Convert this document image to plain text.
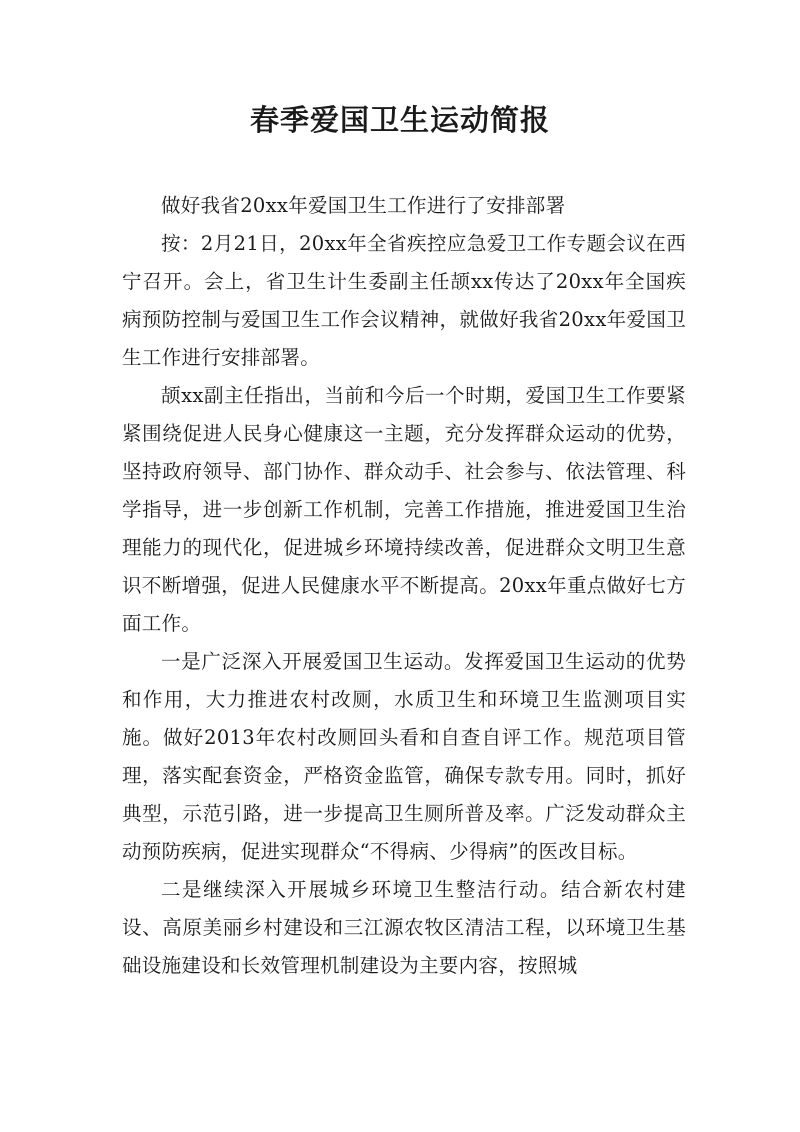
春季爱国卫生运动简报

做好我省20xx年爱国卫生工作进行了安排部署

按：2月21日，20xx年全省疾控应急爱卫工作专题会议在西宁召开。会上，省卫生计生委副主任颉xx传达了20xx年全国疾病预防控制与爱国卫生工作会议精神，就做好我省20xx年爱国卫生工作进行安排部署。

颉xx副主任指出，当前和今后一个时期，爱国卫生工作要紧紧围绕促进人民身心健康这一主题，充分发挥群众运动的优势，坚持政府领导、部门协作、群众动手、社会参与、依法管理、科学指导，进一步创新工作机制，完善工作措施，推进爱国卫生治理能力的现代化，促进城乡环境持续改善，促进群众文明卫生意识不断增强，促进人民健康水平不断提高。20xx年重点做好七方面工作。

一是广泛深入开展爱国卫生运动。发挥爱国卫生运动的优势和作用，大力推进农村改厕，水质卫生和环境卫生监测项目实施。做好2013年农村改厕回头看和自查自评工作。规范项目管理，落实配套资金，严格资金监管，确保专款专用。同时，抓好典型，示范引路，进一步提高卫生厕所普及率。广泛发动群众主动预防疾病，促进实现群众“不得病、少得病”的医改目标。

二是继续深入开展城乡环境卫生整洁行动。结合新农村建设、高原美丽乡村建设和三江源农牧区清洁工程，以环境卫生基础设施建设和长效管理机制建设为主要内容，按照城
